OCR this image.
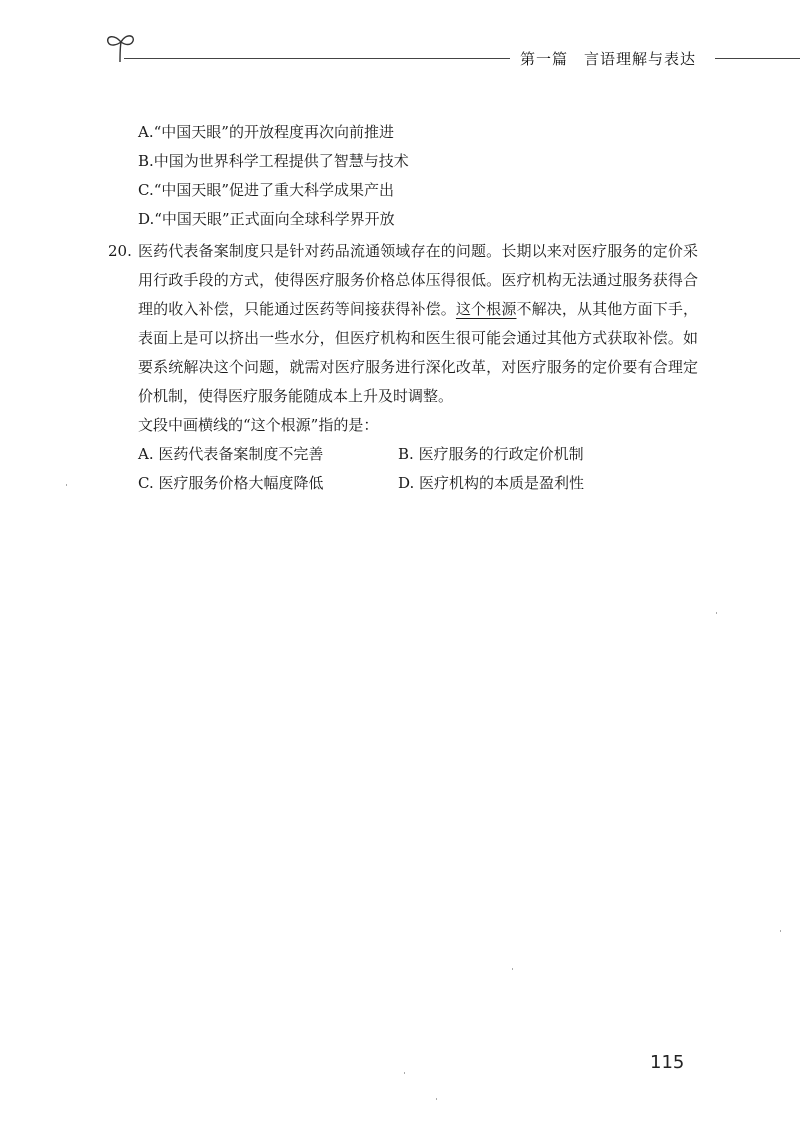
第一篇　言语理解与表达
A.“中国天眼”的开放程度再次向前推进
B.中国为世界科学工程提供了智慧与技术
C.“中国天眼”促进了重大科学成果产出
D.“中国天眼”正式面向全球科学界开放
20. 医药代表备案制度只是针对药品流通领域存在的问题。长期以来对医疗服务的定价采用行政手段的方式，使得医疗服务价格总体压得很低。医疗机构无法通过服务获得合理的收入补偿，只能通过医药等间接获得补偿。这个根源不解决，从其他方面下手，表面上是可以挤出一些水分，但医疗机构和医生很可能会通过其他方式获取补偿。如要系统解决这个问题，就需对医疗服务进行深化改革，对医疗服务的定价要有合理定价机制，使得医疗服务能随成本上升及时调整。
文段中画横线的“这个根源”指的是：
A. 医药代表备案制度不完善	B. 医疗服务的行政定价机制
C. 医疗服务价格大幅度降低	D. 医疗机构的本质是盈利性
115
